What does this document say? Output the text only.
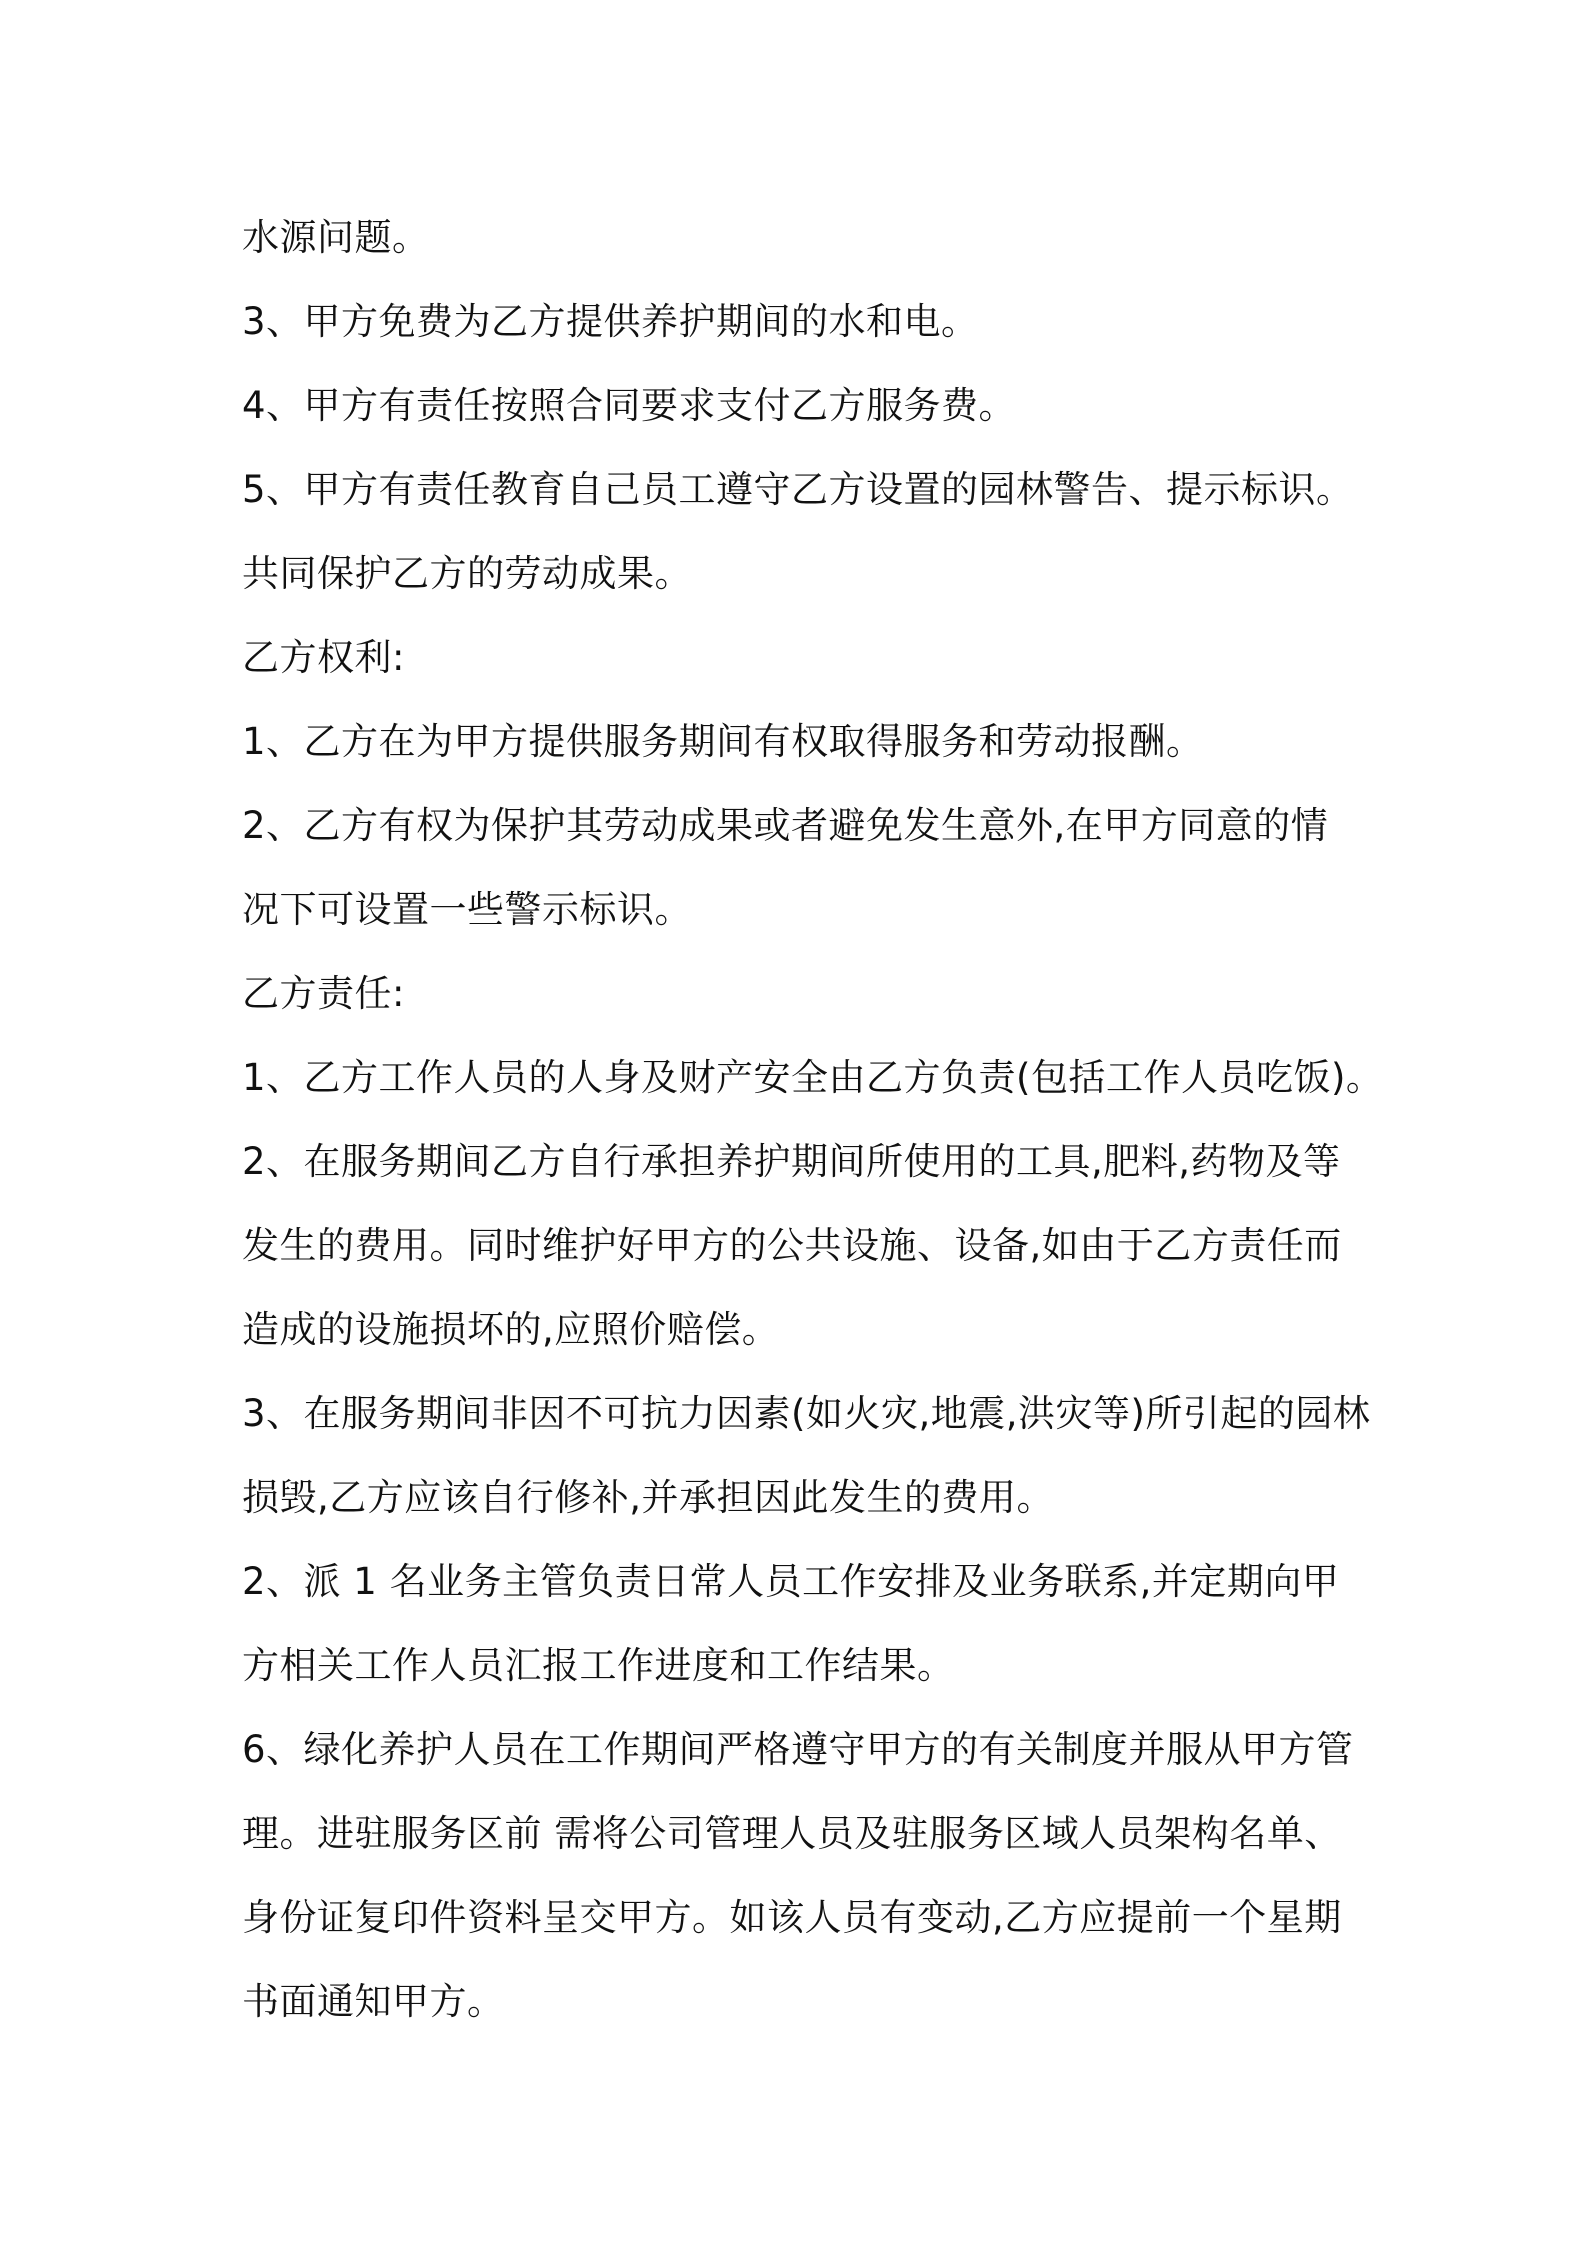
水源问题。
3、甲方免费为乙方提供养护期间的水和电。
4、甲方有责任按照合同要求支付乙方服务费。
5、甲方有责任教育自己员工遵守乙方设置的园林警告、提示标识。
共同保护乙方的劳动成果。
乙方权利:
1、乙方在为甲方提供服务期间有权取得服务和劳动报酬。
2、乙方有权为保护其劳动成果或者避免发生意外,在甲方同意的情
况下可设置一些警示标识。
乙方责任:
1、乙方工作人员的人身及财产安全由乙方负责(包括工作人员吃饭)。
2、在服务期间乙方自行承担养护期间所使用的工具,肥料,药物及等
发生的费用。同时维护好甲方的公共设施、设备,如由于乙方责任而
造成的设施损坏的,应照价赔偿。
3、在服务期间非因不可抗力因素(如火灾,地震,洪灾等)所引起的园林
损毁,乙方应该自行修补,并承担因此发生的费用。
2、派 1 名业务主管负责日常人员工作安排及业务联系,并定期向甲
方相关工作人员汇报工作进度和工作结果。
6、绿化养护人员在工作期间严格遵守甲方的有关制度并服从甲方管
理。进驻服务区前 需将公司管理人员及驻服务区域人员架构名单、
身份证复印件资料呈交甲方。如该人员有变动,乙方应提前一个星期
书面通知甲方。
